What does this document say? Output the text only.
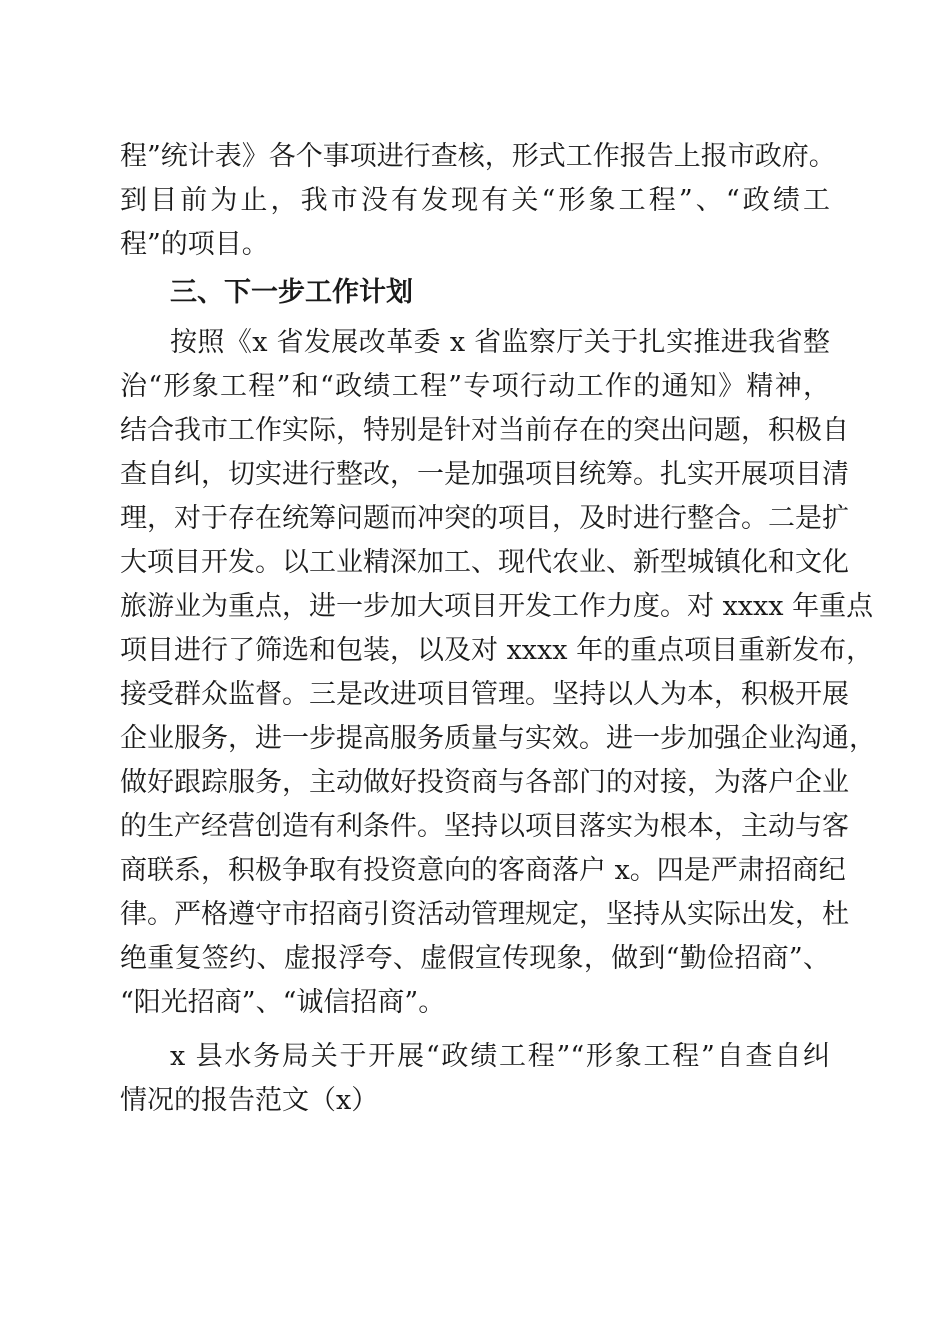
程”统计表》各个事项进行查核，形式工作报告上报市政府。
到目前为止，我市没有发现有关“形象工程”、“政绩工
程”的项目。
三、下一步工作计划
按照《x 省发展改革委 x 省监察厅关于扎实推进我省整
治“形象工程”和“政绩工程”专项行动工作的通知》精神，
结合我市工作实际，特别是针对当前存在的突出问题，积极自
查自纠，切实进行整改，一是加强项目统筹。扎实开展项目清
理，对于存在统筹问题而冲突的项目，及时进行整合。二是扩
大项目开发。以工业精深加工、现代农业、新型城镇化和文化
旅游业为重点，进一步加大项目开发工作力度。对 xxxx 年重点
项目进行了筛选和包装，以及对 xxxx 年的重点项目重新发布，
接受群众监督。三是改进项目管理。坚持以人为本，积极开展
企业服务，进一步提高服务质量与实效。进一步加强企业沟通，
做好跟踪服务，主动做好投资商与各部门的对接，为落户企业
的生产经营创造有利条件。坚持以项目落实为根本，主动与客
商联系，积极争取有投资意向的客商落户 x。四是严肃招商纪
律。严格遵守市招商引资活动管理规定，坚持从实际出发，杜
绝重复签约、虚报浮夸、虚假宣传现象，做到“勤俭招商”、
“阳光招商”、“诚信招商”。
x 县水务局关于开展“政绩工程”“形象工程”自查自纠
情况的报告范文（x）
